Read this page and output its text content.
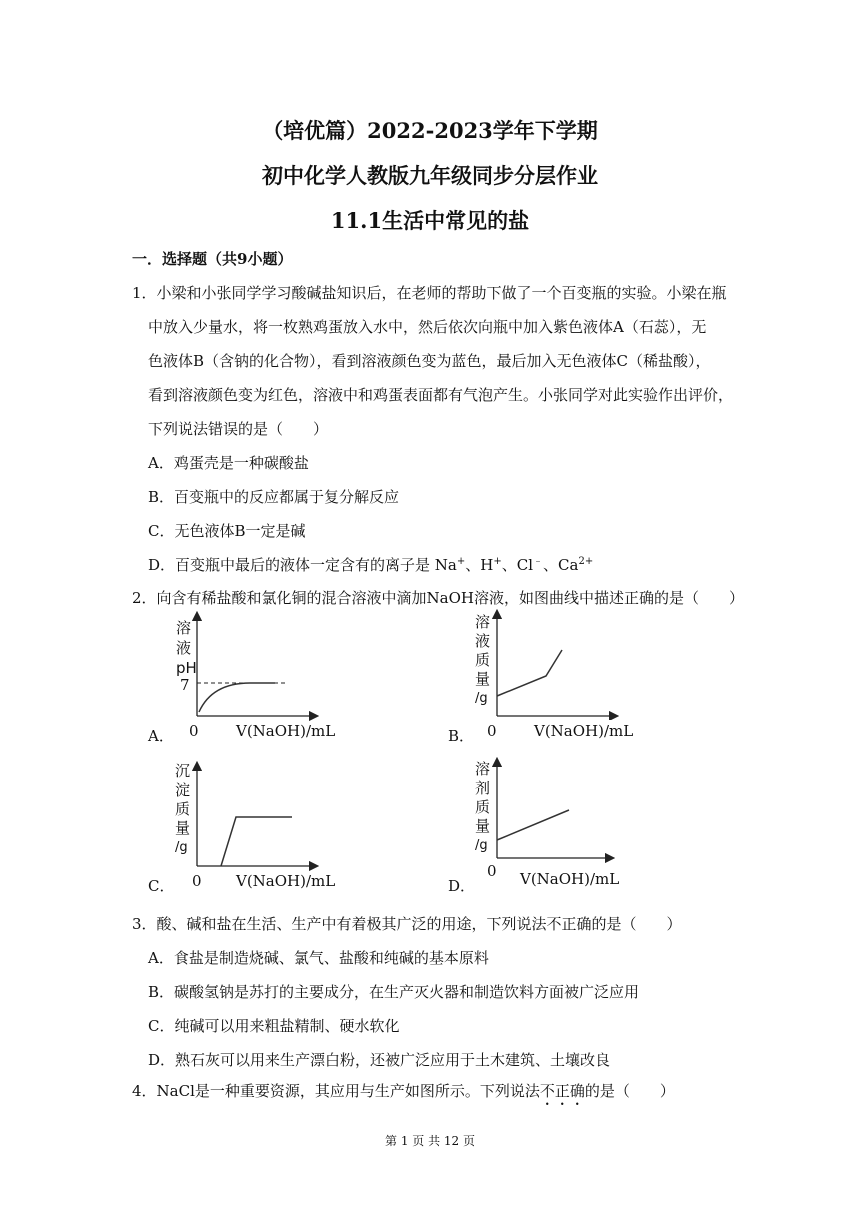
（培优篇）2022-2023学年下学期
初中化学人教版九年级同步分层作业
11.1生活中常见的盐
一．选择题（共9小题）
1．小梁和小张同学学习酸碱盐知识后，在老师的帮助下做了一个百变瓶的实验。小梁在瓶
中放入少量水，将一枚熟鸡蛋放入水中，然后依次向瓶中加入紫色液体A（石蕊），无
色液体B（含钠的化合物），看到溶液颜色变为蓝色，最后加入无色液体C（稀盐酸），
看到溶液颜色变为红色，溶液中和鸡蛋表面都有气泡产生。小张同学对此实验作出评价，
下列说法错误的是（　　）
A．鸡蛋壳是一种碳酸盐
B．百变瓶中的反应都属于复分解反应
C．无色液体B一定是碱
D．百变瓶中最后的液体一定含有的离子是 Na+、H+、Cl﹣、$Ca^{2+}$
2．向含有稀盐酸和氯化铜的混合溶液中滴加NaOH溶液，如图曲线中描述正确的是（　　）
A．
溶
液
pH
7
0 V(NaOH)/mL	B．
溶
液
质
量
/g
0 V(NaOH)/mL
C．
沉
淀
质
量
/g
0 V(NaOH)/mL	D．
溶
剂
质
量
/g
0 V(NaOH)/mL
3．酸、碱和盐在生活、生产中有着极其广泛的用途，下列说法不正确的是（　　）
A．食盐是制造烧碱、氯气、盐酸和纯碱的基本原料
B．碳酸氢钠是苏打的主要成分，在生产灭火器和制造饮料方面被广泛应用
C．纯碱可以用来粗盐精制、硬水软化
D．熟石灰可以用来生产漂白粉，还被广泛应用于土木建筑、土壤改良
4．NaCl是一种重要资源，其应用与生产如图所示。下列说法不正确的是（　　）
第 1 页 共 12 页
